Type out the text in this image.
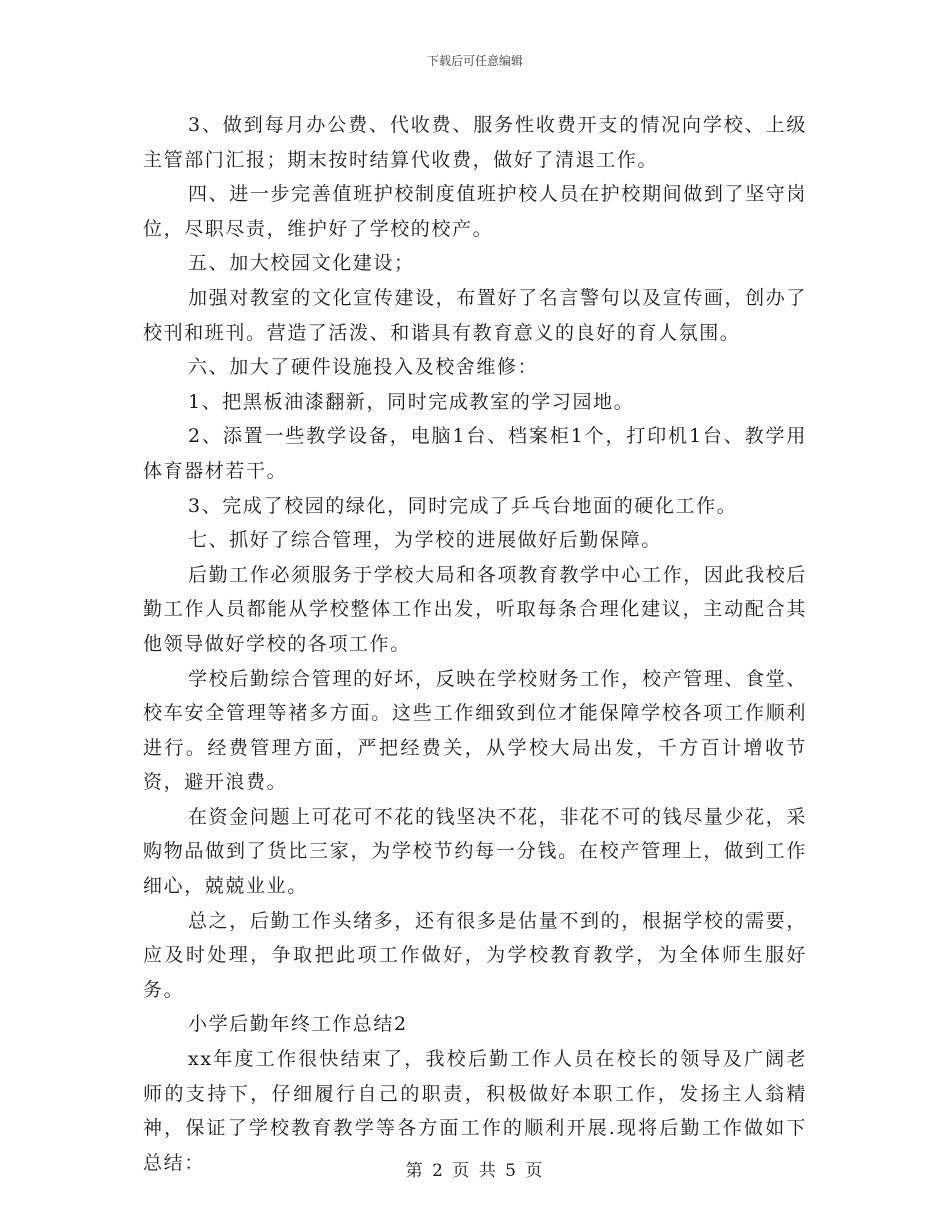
下载后可任意编辑

3、做到每月办公费、代收费、服务性收费开支的情况向学校、上级主管部门汇报；期末按时结算代收费，做好了清退工作。

四、进一步完善值班护校制度值班护校人员在护校期间做到了坚守岗位，尽职尽责，维护好了学校的校产。

五、加大校园文化建设；

加强对教室的文化宣传建设，布置好了名言警句以及宣传画，创办了校刊和班刊。营造了活泼、和谐具有教育意义的良好的育人氛围。

六、加大了硬件设施投入及校舍维修：

1、把黑板油漆翻新，同时完成教室的学习园地。

2、添置一些教学设备，电脑1台、档案柜1个，打印机1台、教学用体育器材若干。

3、完成了校园的绿化，同时完成了乒乓台地面的硬化工作。

七、抓好了综合管理，为学校的进展做好后勤保障。

后勤工作必须服务于学校大局和各项教育教学中心工作，因此我校后勤工作人员都能从学校整体工作出发，听取每条合理化建议，主动配合其他领导做好学校的各项工作。

学校后勤综合管理的好坏，反映在学校财务工作，校产管理、食堂、校车安全管理等褚多方面。这些工作细致到位才能保障学校各项工作顺利进行。经费管理方面，严把经费关，从学校大局出发，千方百计增收节资，避开浪费。

在资金问题上可花可不花的钱坚决不花，非花不可的钱尽量少花，采购物品做到了货比三家，为学校节约每一分钱。在校产管理上，做到工作细心，兢兢业业。

总之，后勤工作头绪多，还有很多是估量不到的，根据学校的需要，应及时处理，争取把此项工作做好，为学校教育教学，为全体师生服好务。

小学后勤年终工作总结2

xx年度工作很快结束了，我校后勤工作人员在校长的领导及广阔老师的支持下，仔细履行自己的职责，积极做好本职工作，发扬主人翁精神，保证了学校教育教学等各方面工作的顺利开展.现将后勤工作做如下总结：	第 2 页 共 5 页
